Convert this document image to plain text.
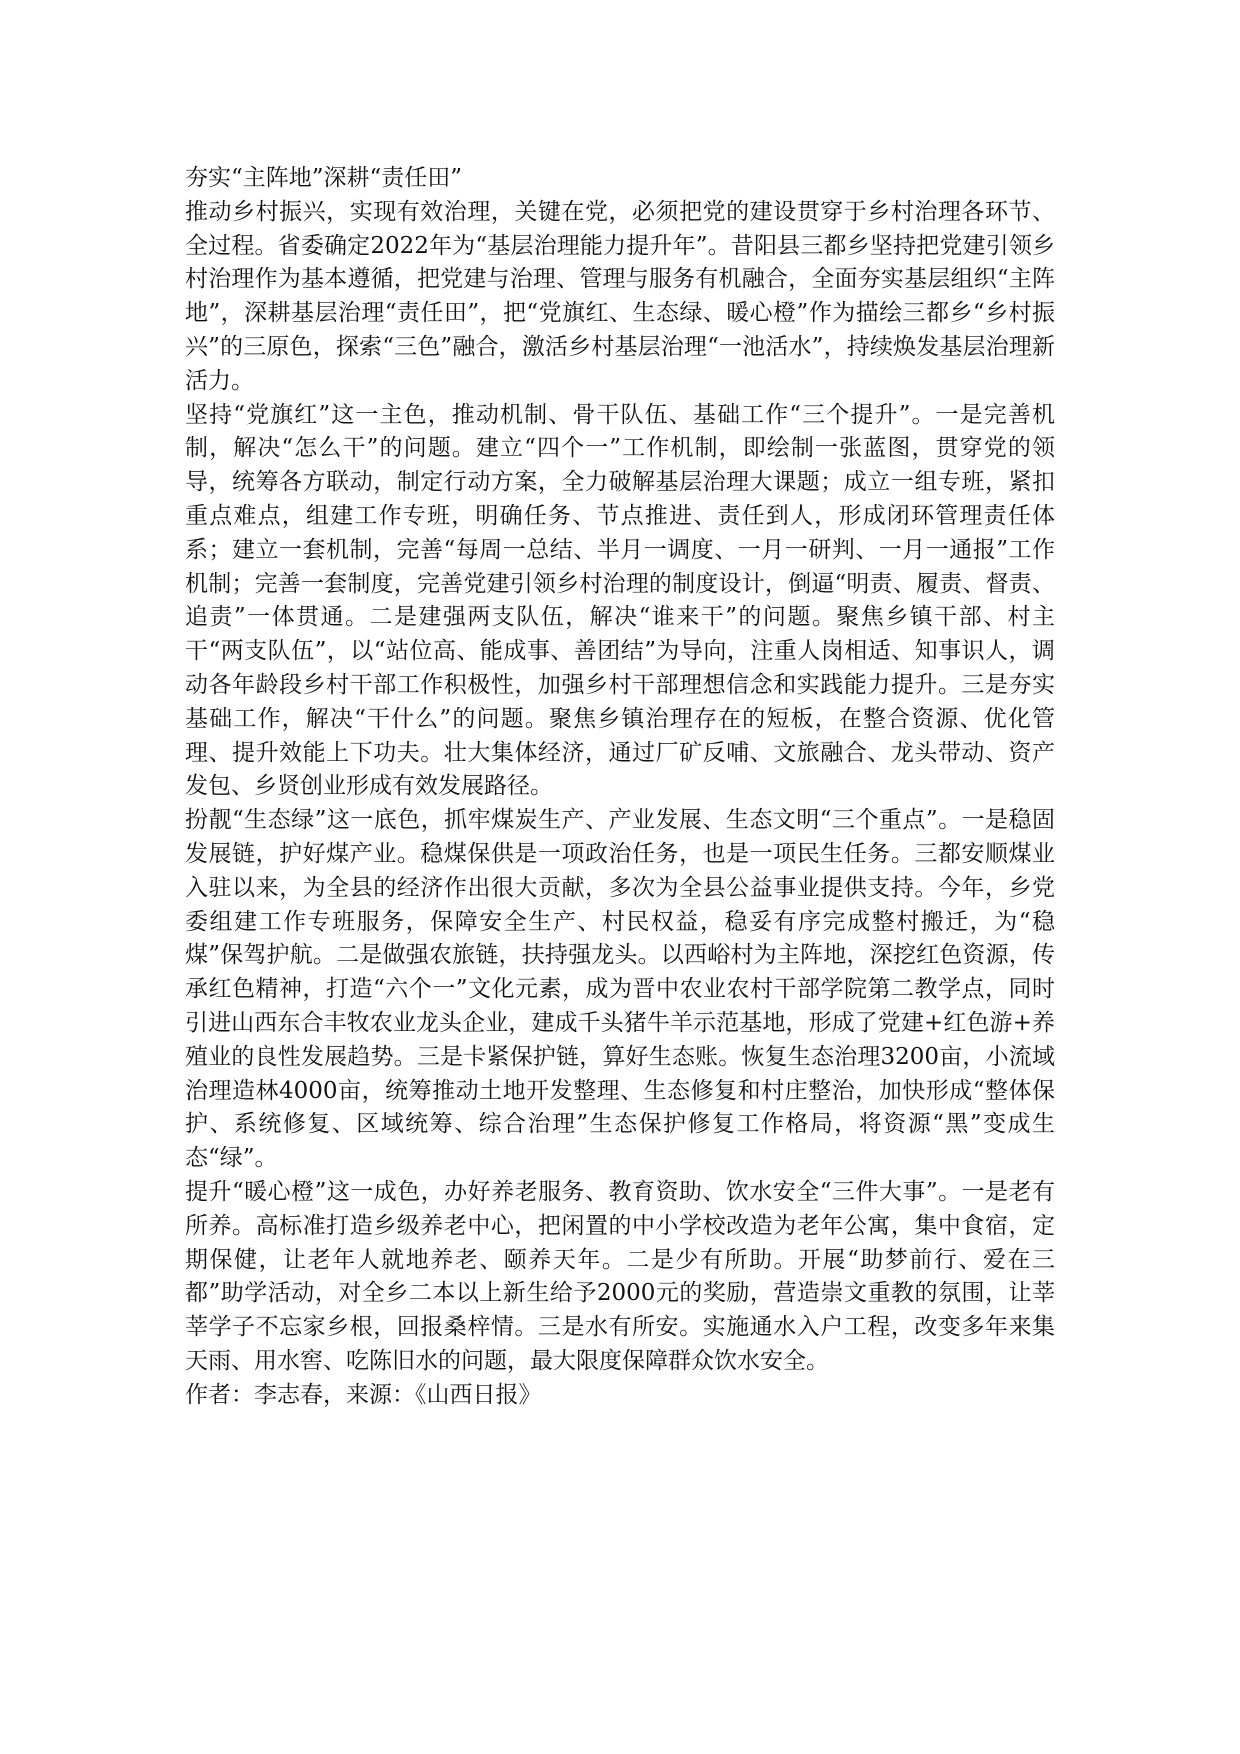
夯实“主阵地”深耕“责任田”

推动乡村振兴，实现有效治理，关键在党，必须把党的建设贯穿于乡村治理各环节、全过程。省委确定2022年为“基层治理能力提升年”。昔阳县三都乡坚持把党建引领乡村治理作为基本遵循，把党建与治理、管理与服务有机融合，全面夯实基层组织“主阵地”，深耕基层治理“责任田”，把“党旗红、生态绿、暖心橙”作为描绘三都乡“乡村振兴”的三原色，探索“三色”融合，激活乡村基层治理“一池活水”，持续焕发基层治理新活力。

坚持“党旗红”这一主色，推动机制、骨干队伍、基础工作“三个提升”。一是完善机制，解决“怎么干”的问题。建立“四个一”工作机制，即绘制一张蓝图，贯穿党的领导，统筹各方联动，制定行动方案，全力破解基层治理大课题；成立一组专班，紧扣重点难点，组建工作专班，明确任务、节点推进、责任到人，形成闭环管理责任体系；建立一套机制，完善“每周一总结、半月一调度、一月一研判、一月一通报”工作机制；完善一套制度，完善党建引领乡村治理的制度设计，倒逼“明责、履责、督责、追责”一体贯通。二是建强两支队伍，解决“谁来干”的问题。聚焦乡镇干部、村主干“两支队伍”，以“站位高、能成事、善团结”为导向，注重人岗相适、知事识人，调动各年龄段乡村干部工作积极性，加强乡村干部理想信念和实践能力提升。三是夯实基础工作，解决“干什么”的问题。聚焦乡镇治理存在的短板，在整合资源、优化管理、提升效能上下功夫。壮大集体经济，通过厂矿反哺、文旅融合、龙头带动、资产发包、乡贤创业形成有效发展路径。

扮靓“生态绿”这一底色，抓牢煤炭生产、产业发展、生态文明“三个重点”。一是稳固发展链，护好煤产业。稳煤保供是一项政治任务，也是一项民生任务。三都安顺煤业入驻以来，为全县的经济作出很大贡献，多次为全县公益事业提供支持。今年，乡党委组建工作专班服务，保障安全生产、村民权益，稳妥有序完成整村搬迁，为“稳煤”保驾护航。二是做强农旅链，扶持强龙头。以西峪村为主阵地，深挖红色资源，传承红色精神，打造“六个一”文化元素，成为晋中农业农村干部学院第二教学点，同时引进山西东合丰牧农业龙头企业，建成千头猪牛羊示范基地，形成了党建+红色游+养殖业的良性发展趋势。三是卡紧保护链，算好生态账。恢复生态治理3200亩，小流域治理造林4000亩，统筹推动土地开发整理、生态修复和村庄整治，加快形成“整体保护、系统修复、区域统筹、综合治理”生态保护修复工作格局，将资源“黑”变成生态“绿”。

提升“暖心橙”这一成色，办好养老服务、教育资助、饮水安全“三件大事”。一是老有所养。高标准打造乡级养老中心，把闲置的中小学校改造为老年公寓，集中食宿，定期保健，让老年人就地养老、颐养天年。二是少有所助。开展“助梦前行、爱在三都”助学活动，对全乡二本以上新生给予2000元的奖励，营造崇文重教的氛围，让莘莘学子不忘家乡根，回报桑梓情。三是水有所安。实施通水入户工程，改变多年来集天雨、用水窖、吃陈旧水的问题，最大限度保障群众饮水安全。

作者：李志春，来源：《山西日报》
